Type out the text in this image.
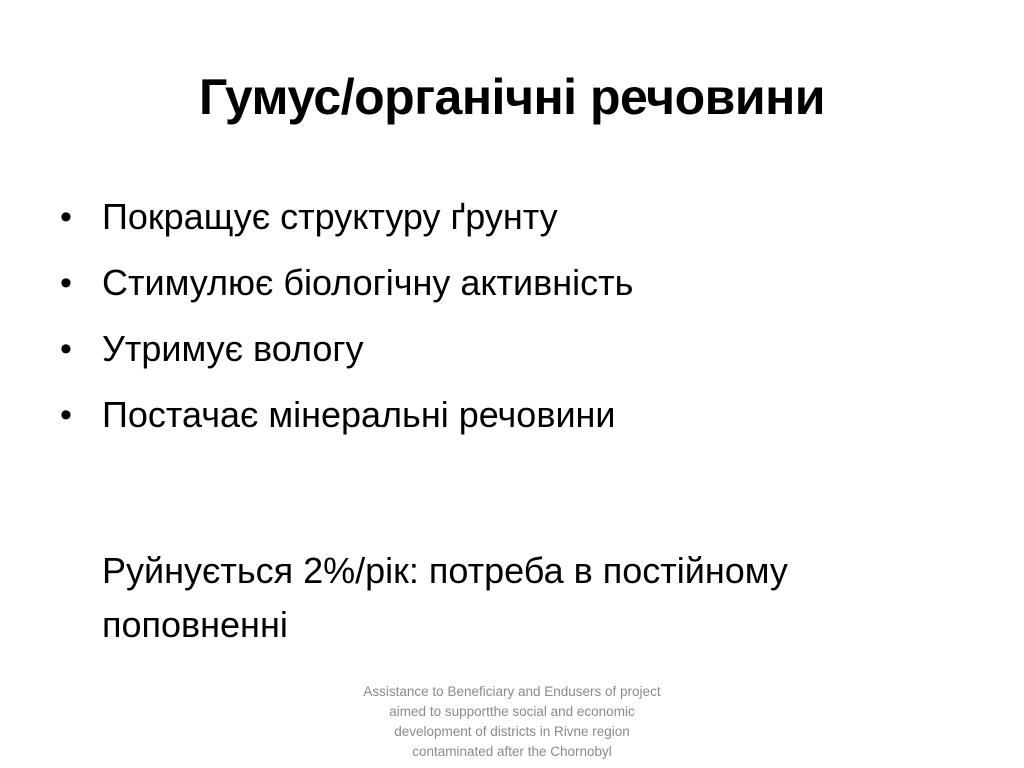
Гумус/органічні речовини
• Покращує структуру ґрунту
• Стимулює біологічну активність
• Утримує вологу
• Постачає мінеральні речовини
Руйнується 2%/рік: потреба в постійному поповненні
Assistance to Beneficiary and Endusers of project aimed to supportthe social and economic development of districts in Rivne region contaminated after the Chornobyl
